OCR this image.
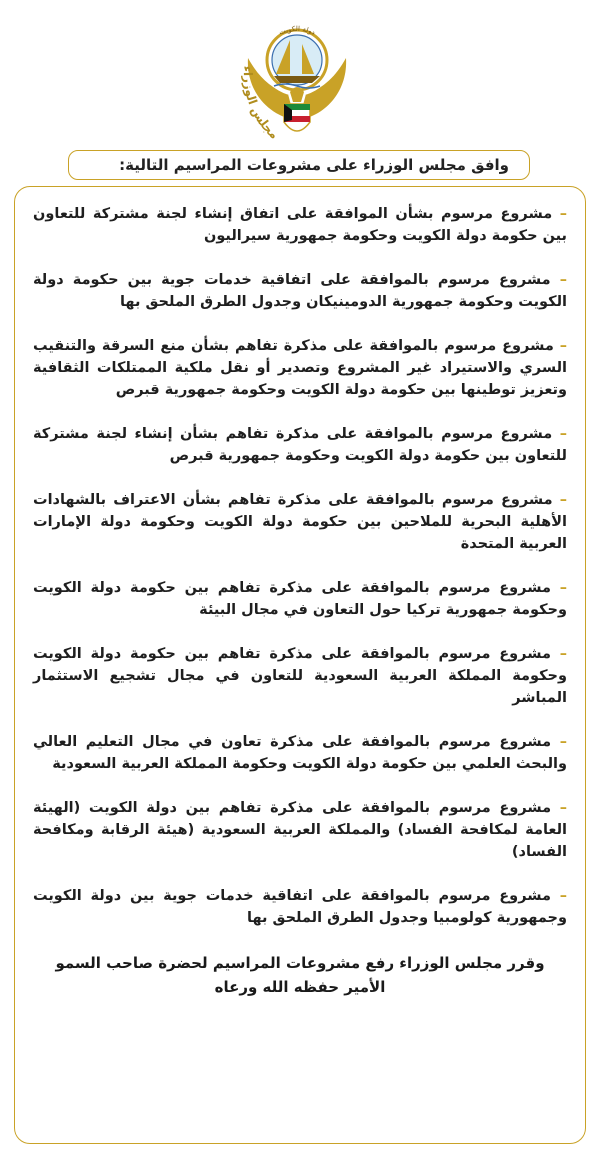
دولة الكويت
مجلس الوزراء
وافق مجلس الوزراء على مشروعات المراسيم التالية:
– مشروع مرسوم بشأن الموافقة على اتفاق إنشاء لجنة مشتركة للتعاون بين حكومة دولة الكويت وحكومة جمهورية سيراليون
– مشروع مرسوم بالموافقة على اتفاقية خدمات جوية بين حكومة دولة الكويت وحكومة جمهورية الدومينيكان وجدول الطرق الملحق بها
– مشروع مرسوم بالموافقة على مذكرة تفاهم بشأن منع السرقة والتنقيب السري والاستيراد غير المشروع وتصدير أو نقل ملكية الممتلكات الثقافية وتعزيز توطينها بين حكومة دولة الكويت وحكومة جمهورية قبرص
– مشروع مرسوم بالموافقة على مذكرة تفاهم بشأن إنشاء لجنة مشتركة للتعاون بين حكومة دولة الكويت وحكومة جمهورية قبرص
– مشروع مرسوم بالموافقة على مذكرة تفاهم بشأن الاعتراف بالشهادات الأهلية البحرية للملاحين بين حكومة دولة الكويت وحكومة دولة الإمارات العربية المتحدة
– مشروع مرسوم بالموافقة على مذكرة تفاهم بين حكومة دولة الكويت وحكومة جمهورية تركيا حول التعاون في مجال البيئة
– مشروع مرسوم بالموافقة على مذكرة تفاهم بين حكومة دولة الكويت وحكومة المملكة العربية السعودية للتعاون في مجال تشجيع الاستثمار المباشر
– مشروع مرسوم بالموافقة على مذكرة تعاون في مجال التعليم العالي والبحث العلمي بين حكومة دولة الكويت وحكومة المملكة العربية السعودية
– مشروع مرسوم بالموافقة على مذكرة تفاهم بين دولة الكويت (الهيئة العامة لمكافحة الفساد) والمملكة العربية السعودية (هيئة الرقابة ومكافحة الفساد)
– مشروع مرسوم بالموافقة على اتفاقية خدمات جوية بين دولة الكويت وجمهورية كولومبيا وجدول الطرق الملحق بها
وقرر مجلس الوزراء رفع مشروعات المراسيم لحضرة صاحب السمو
الأمير حفظه الله ورعاه
